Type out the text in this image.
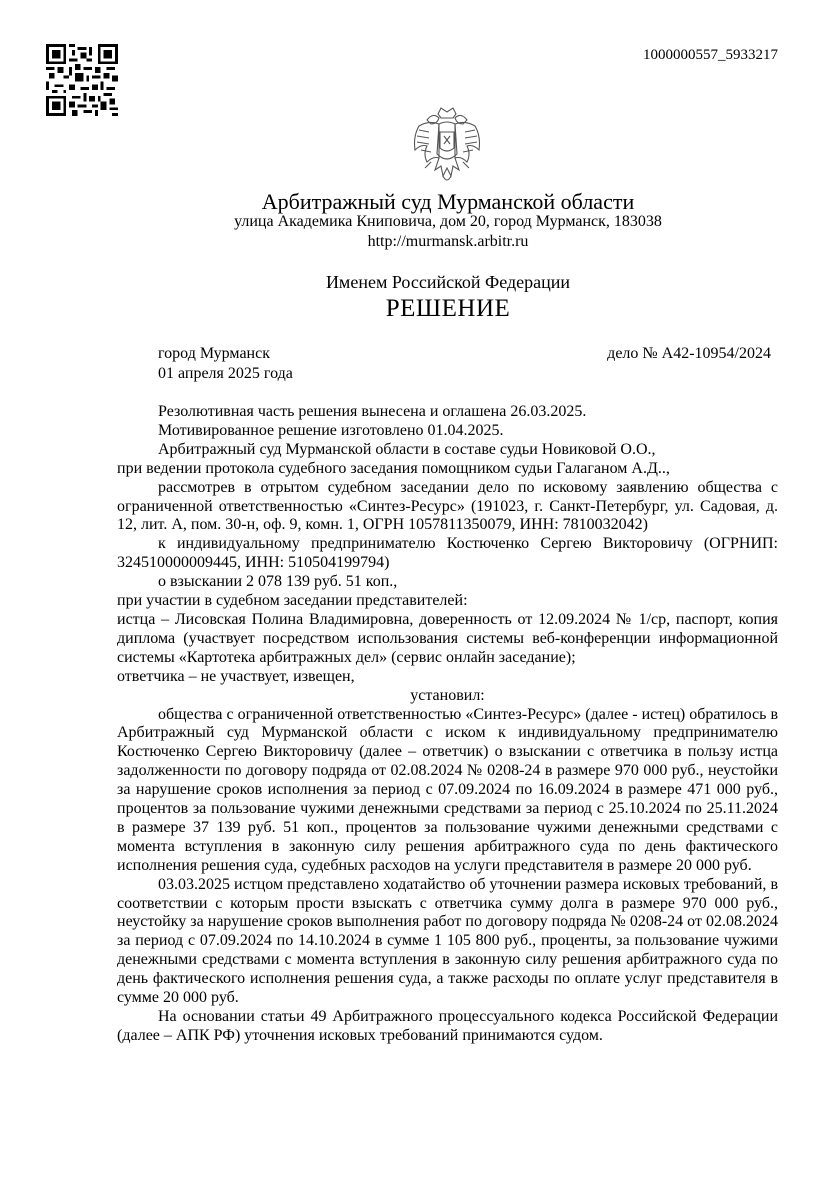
1000000557_5933217
Арбитражный суд Мурманской области
улица Академика Книповича, дом 20, город Мурманск, 183038
http://murmansk.arbitr.ru
Именем Российской Федерации
РЕШЕНИЕ
город Мурманск
01 апреля 2025 года
дело № А42-10954/2024

Резолютивная часть решения вынесена и оглашена 26.03.2025.

Мотивированное решение изготовлено 01.04.2025.

Арбитражный суд Мурманской области в составе судьи Новиковой О.О.,

при ведении протокола судебного заседания помощником судьи Галаганом А.Д..,

рассмотрев в отрытом судебном заседании дело по исковому заявлению общества с ограниченной ответственностью «Синтез-Ресурс» (191023, г. Санкт-Петербург, ул. Садовая, д. 12, лит. А, пом. 30-н, оф. 9, комн. 1, ОГРН 1057811350079, ИНН: 7810032042)

к индивидуальному предпринимателю Костюченко Сергею Викторовичу (ОГРНИП: 324510000009445, ИНН: 510504199794)

о взыскании 2 078 139 руб. 51 коп.,

при участии в судебном заседании представителей:

истца – Лисовская Полина Владимировна, доверенность от 12.09.2024 № 1/ср, паспорт, копия диплома (участвует посредством использования системы веб-конференции информационной системы «Картотека арбитражных дел» (сервис онлайн заседание);

ответчика – не участвует, извещен,

установил:

общества с ограниченной ответственностью «Синтез-Ресурс» (далее - истец) обратилось в Арбитражный суд Мурманской области с иском к индивидуальному предпринимателю Костюченко Сергею Викторовичу (далее – ответчик) о взыскании с ответчика в пользу истца задолженности по договору подряда от 02.08.2024 № 0208-24 в размере 970 000 руб., неустойки за нарушение сроков исполнения за период с 07.09.2024 по 16.09.2024 в размере 471 000 руб., процентов за пользование чужими денежными средствами за период с 25.10.2024 по 25.11.2024 в размере 37 139 руб. 51 коп., процентов за пользование чужими денежными средствами с момента вступления в законную силу решения арбитражного суда по день фактического исполнения решения суда, судебных расходов на услуги представителя в размере 20 000 руб.

03.03.2025 истцом представлено ходатайство об уточнении размера исковых требований, в соответствии с которым прости взыскать с ответчика сумму долга в размере 970 000 руб., неустойку за нарушение сроков выполнения работ по договору подряда № 0208-24 от 02.08.2024 за период с 07.09.2024 по 14.10.2024 в сумме 1 105 800 руб., проценты, за пользование чужими денежными средствами с момента вступления в законную силу решения арбитражного суда по день фактического исполнения решения суда, а также расходы по оплате услуг представителя в сумме 20 000 руб.

На основании статьи 49 Арбитражного процессуального кодекса Российской Федерации (далее – АПК РФ) уточнения исковых требований принимаются судом.
